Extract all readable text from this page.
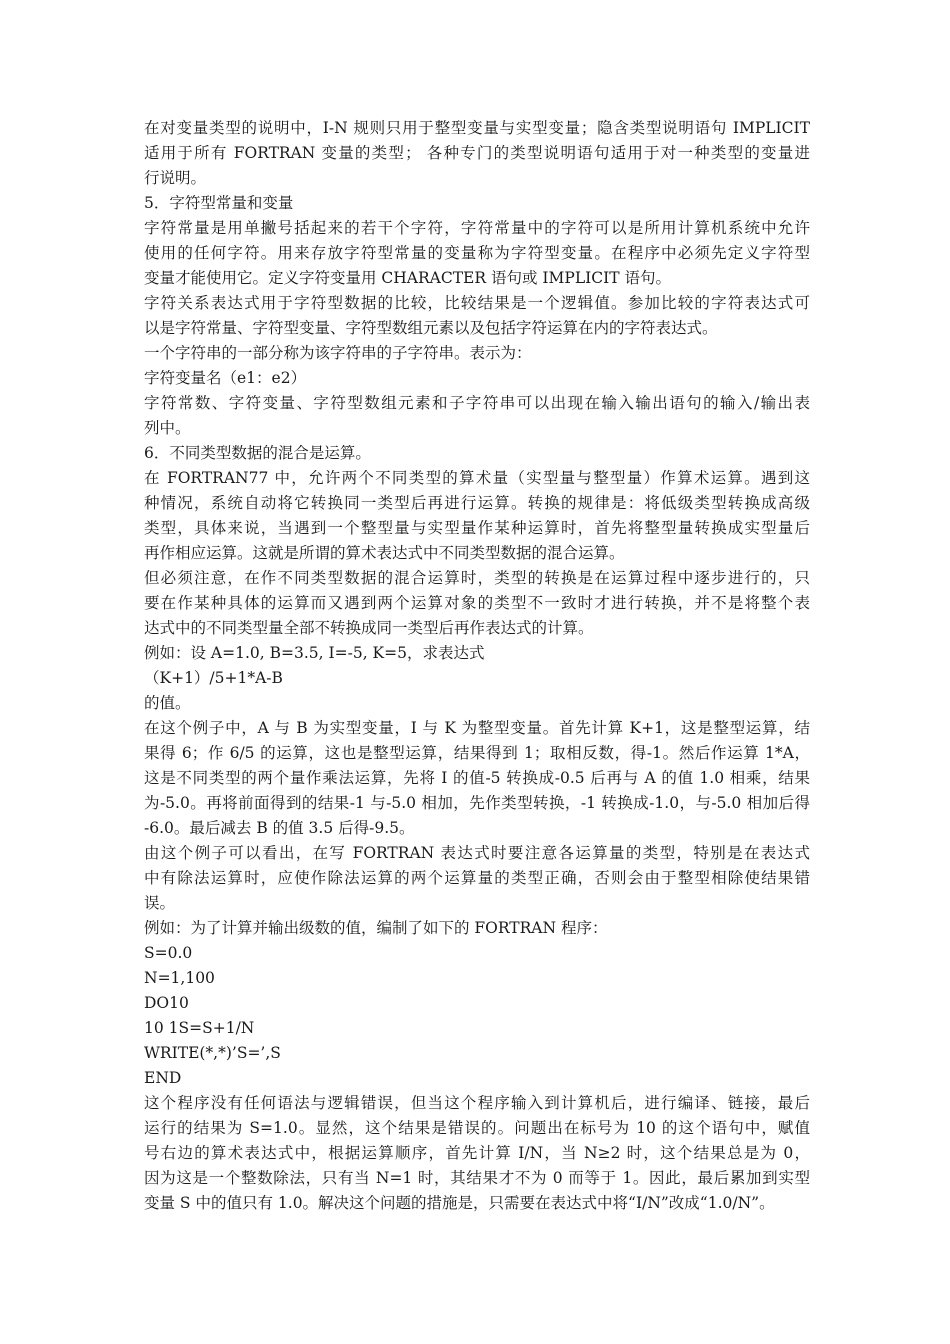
在对变量类型的说明中，I-N 规则只用于整型变量与实型变量；隐含类型说明语句 IMPLICIT
适用于所有 FORTRAN 变量的类型； 各种专门的类型说明语句适用于对一种类型的变量进
行说明。
5．字符型常量和变量
字符常量是用单撇号括起来的若干个字符，字符常量中的字符可以是所用计算机系统中允许
使用的任何字符。用来存放字符型常量的变量称为字符型变量。在程序中必须先定义字符型
变量才能使用它。定义字符变量用 CHARACTER 语句或 IMPLICIT 语句。
字符关系表达式用于字符型数据的比较，比较结果是一个逻辑值。参加比较的字符表达式可
以是字符常量、字符型变量、字符型数组元素以及包括字符运算在内的字符表达式。
一个字符串的一部分称为该字符串的子字符串。表示为：
字符变量名（e1：e2）
字符常数、字符变量、字符型数组元素和子字符串可以出现在输入输出语句的输入/输出表
列中。
6．不同类型数据的混合是运算。
在 FORTRAN77 中，允许两个不同类型的算术量（实型量与整型量）作算术运算。遇到这
种情况，系统自动将它转换同一类型后再进行运算。转换的规律是：将低级类型转换成高级
类型，具体来说，当遇到一个整型量与实型量作某种运算时，首先将整型量转换成实型量后
再作相应运算。这就是所谓的算术表达式中不同类型数据的混合运算。
但必须注意，在作不同类型数据的混合运算时，类型的转换是在运算过程中逐步进行的，只
要在作某种具体的运算而又遇到两个运算对象的类型不一致时才进行转换，并不是将整个表
达式中的不同类型量全部不转换成同一类型后再作表达式的计算。
例如：设 A=1.0, B=3.5, I=-5, K=5，求表达式
（K+1）/5+1*A-B
的值。
在这个例子中，A 与 B 为实型变量，I 与 K 为整型变量。首先计算 K+1，这是整型运算，结
果得 6；作 6/5 的运算，这也是整型运算，结果得到 1；取相反数，得-1。然后作运算 1*A，
这是不同类型的两个量作乘法运算，先将 I 的值-5 转换成-0.5 后再与 A 的值 1.0 相乘，结果
为-5.0。再将前面得到的结果-1 与-5.0 相加，先作类型转换，-1 转换成-1.0，与-5.0 相加后得
-6.0。最后减去 B 的值 3.5 后得-9.5。
由这个例子可以看出，在写 FORTRAN 表达式时要注意各运算量的类型，特别是在表达式
中有除法运算时，应使作除法运算的两个运算量的类型正确，否则会由于整型相除使结果错
误。
例如：为了计算并输出级数的值，编制了如下的 FORTRAN 程序：
S=0.0
N=1,100
DO10
10 1S=S+1/N
WRITE(*,*)’S=’,S
END
这个程序没有任何语法与逻辑错误，但当这个程序输入到计算机后，进行编译、链接，最后
运行的结果为 S=1.0。显然，这个结果是错误的。问题出在标号为 10 的这个语句中，赋值
号右边的算术表达式中，根据运算顺序，首先计算 I/N，当 N≥2 时，这个结果总是为 0，
因为这是一个整数除法，只有当 N=1 时，其结果才不为 0 而等于 1。因此，最后累加到实型
变量 S 中的值只有 1.0。解决这个问题的措施是，只需要在表达式中将“I/N”改成“1.0/N”。
